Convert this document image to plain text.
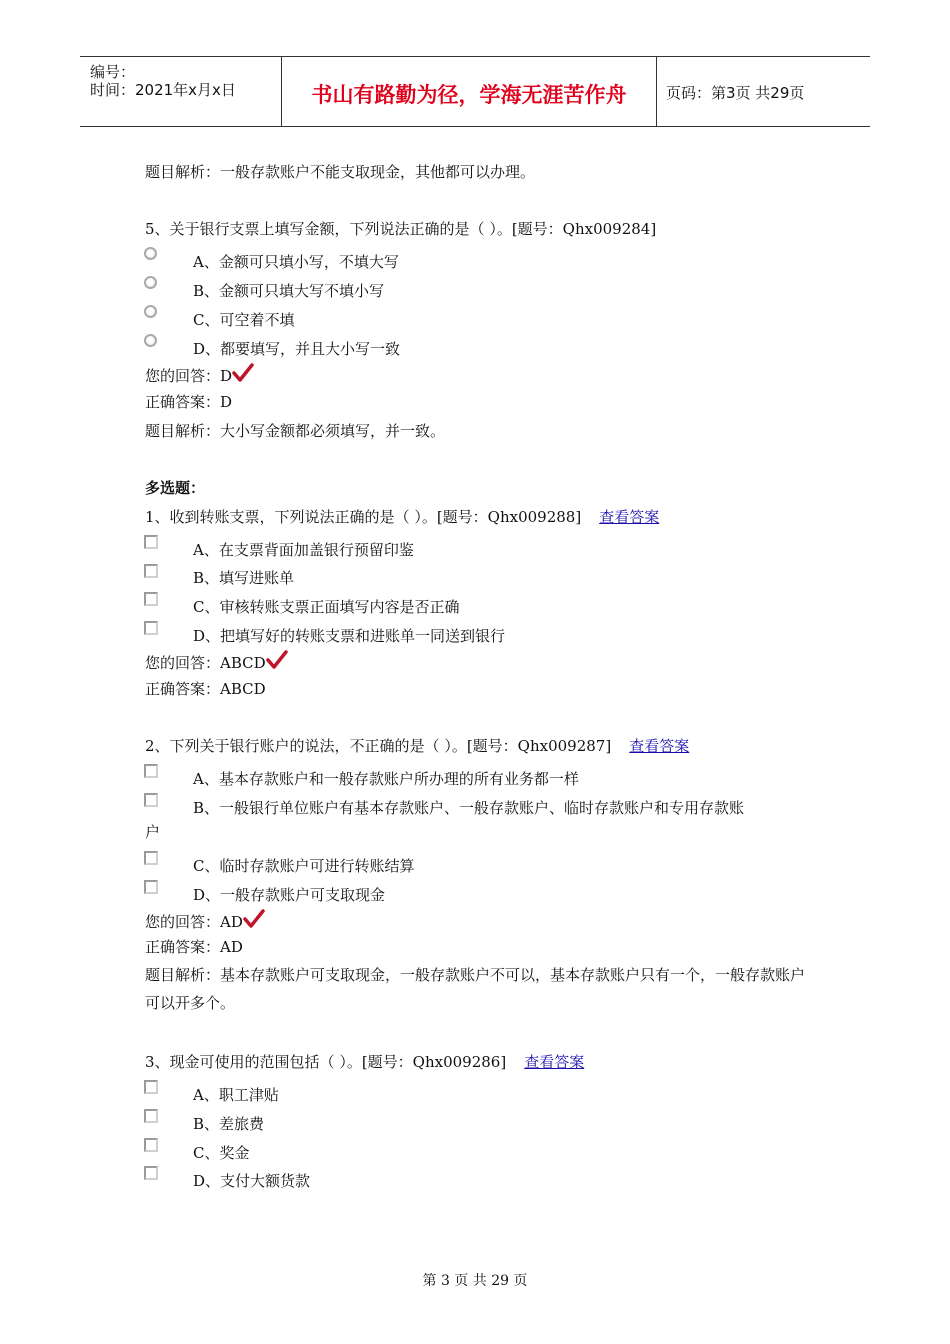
编号：
时间：2021年x月x日	书山有路勤为径，学海无涯苦作舟	页码：第3页 共29页
题目解析：一般存款账户不能支取现金，其他都可以办理。
5、关于银行支票上填写金额，下列说法正确的是（ ）。[题号：Qhx009284]
A、金额可只填小写，不填大写
B、金额可只填大写不填小写
C、可空着不填
D、都要填写，并且大小写一致
您的回答：D
正确答案：D
题目解析：大小写金额都必须填写，并一致。
多选题：
1、收到转账支票，下列说法正确的是（ ）。[题号：Qhx009288] 查看答案
A、在支票背面加盖银行预留印鉴
B、填写进账单
C、审核转账支票正面填写内容是否正确
D、把填写好的转账支票和进账单一同送到银行
您的回答：ABCD
正确答案：ABCD
2、下列关于银行账户的说法，不正确的是（ ）。[题号：Qhx009287] 查看答案
A、基本存款账户和一般存款账户所办理的所有业务都一样
B、一般银行单位账户有基本存款账户、一般存款账户、临时存款账户和专用存款账
户
C、临时存款账户可进行转账结算
D、一般存款账户可支取现金
您的回答：AD
正确答案：AD
题目解析：基本存款账户可支取现金，一般存款账户不可以，基本存款账户只有一个，一般存款账户可以开多个。
3、现金可使用的范围包括（ ）。[题号：Qhx009286] 查看答案
A、职工津贴
B、差旅费
C、奖金
D、支付大额货款
第 3 页 共 29 页
